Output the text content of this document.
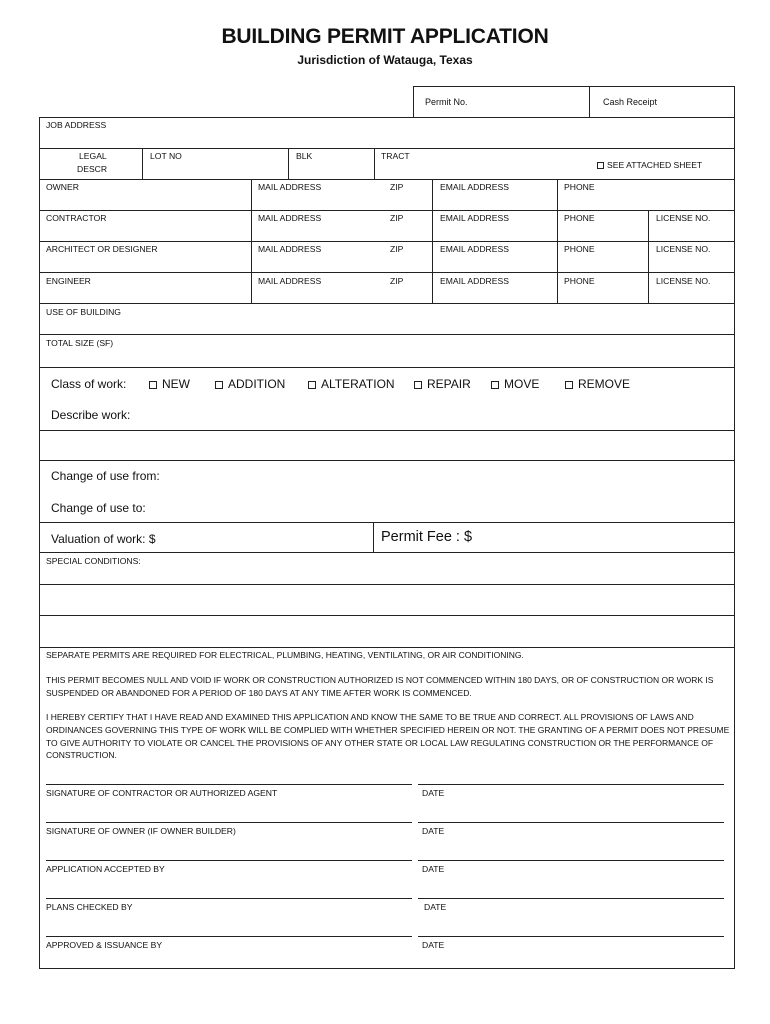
BUILDING PERMIT APPLICATION
Jurisdiction of Watauga, Texas
Permit No.	Cash Receipt
JOB ADDRESS
LEGAL
DESCR
LOT NO	BLK	TRACT
SEE ATTACHED SHEET
OWNER	MAIL ADDRESS	ZIP	EMAIL ADDRESS	PHONE
CONTRACTOR	MAIL ADDRESS	ZIP	EMAIL ADDRESS	PHONE	LICENSE NO.
ARCHITECT OR DESIGNER	MAIL ADDRESS	ZIP	EMAIL ADDRESS	PHONE	LICENSE NO.
ENGINEER	MAIL ADDRESS	ZIP	EMAIL ADDRESS	PHONE	LICENSE NO.
USE OF BUILDING
TOTAL SIZE (SF)
Class of work:	NEW	ADDITION	ALTERATION	REPAIR	MOVE	REMOVE
Describe work:
Change of use from:
Change of use to:
Valuation of work: $	Permit Fee : $
SPECIAL CONDITIONS:
SEPARATE PERMITS ARE REQUIRED FOR ELECTRICAL, PLUMBING, HEATING, VENTILATING, OR AIR CONDITIONING.
THIS PERMIT BECOMES NULL AND VOID IF WORK OR CONSTRUCTION AUTHORIZED IS NOT COMMENCED WITHIN 180 DAYS, OR OF CONSTRUCTION OR WORK IS SUSPENDED OR ABANDONED FOR A PERIOD OF 180 DAYS AT ANY TIME AFTER WORK IS COMMENCED.
I HEREBY CERTIFY THAT I HAVE READ AND EXAMINED THIS APPLICATION AND KNOW THE SAME TO BE TRUE AND CORRECT. ALL PROVISIONS OF LAWS AND ORDINANCES GOVERNING THIS TYPE OF WORK WILL BE COMPLIED WITH WHETHER SPECIFIED HEREIN OR NOT. THE GRANTING OF A PERMIT DOES NOT PRESUME TO GIVE AUTHORITY TO VIOLATE OR CANCEL THE PROVISIONS OF ANY OTHER STATE OR LOCAL LAW REGULATING CONSTRUCTION OR THE PERFORMANCE OF CONSTRUCTION.
SIGNATURE OF CONTRACTOR OR AUTHORIZED AGENT	DATE
SIGNATURE OF OWNER (IF OWNER BUILDER)	DATE
APPLICATION ACCEPTED BY	DATE
PLANS CHECKED BY	DATE
APPROVED & ISSUANCE BY	DATE
